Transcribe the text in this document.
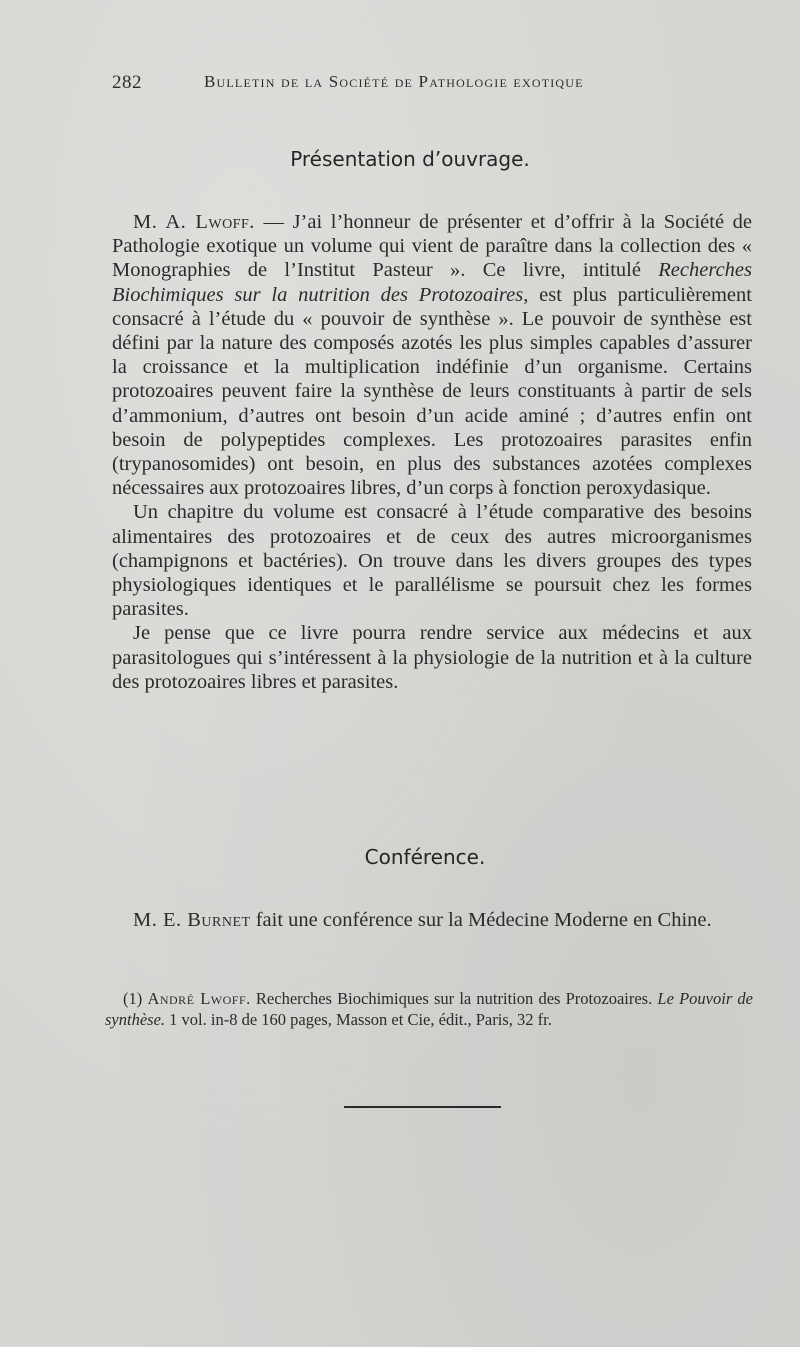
282	Bulletin de la Société de Pathologie exotique
Présentation d’ouvrage.

M. A. Lwoff. — J’ai l’honneur de présenter et d’offrir à la Société de Pathologie exotique un volume qui vient de paraître dans la collection des « Monographies de l’Institut Pasteur ». Ce livre, intitulé Recherches Biochimiques sur la nutrition des Protozoaires, est plus particulièrement consacré à l’étude du « pouvoir de synthèse ». Le pouvoir de synthèse est défini par la nature des composés azotés les plus simples capables d’assurer la croissance et la multiplication indéfinie d’un organisme. Certains protozoaires peuvent faire la synthèse de leurs constituants à partir de sels d’ammonium, d’autres ont besoin d’un acide aminé ; d’autres enfin ont besoin de polypeptides complexes. Les protozoaires parasites enfin (trypanosomides) ont besoin, en plus des substances azotées complexes nécessaires aux protozoaires libres, d’un corps à fonction peroxydasique.

Un chapitre du volume est consacré à l’étude comparative des besoins alimentaires des protozoaires et de ceux des autres microorganismes (champignons et bactéries). On trouve dans les divers groupes des types physiologiques identiques et le parallélisme se poursuit chez les formes parasites.

Je pense que ce livre pourra rendre service aux médecins et aux parasitologues qui s’intéressent à la physiologie de la nutrition et à la culture des protozoaires libres et parasites.

Conférence.

M. E. Burnet fait une conférence sur la Médecine Moderne en Chine.

(1) André Lwoff. Recherches Biochimiques sur la nutrition des Protozoaires. Le Pouvoir de synthèse. 1 vol. in-8 de 160 pages, Masson et Cie, édit., Paris, 32 fr.
